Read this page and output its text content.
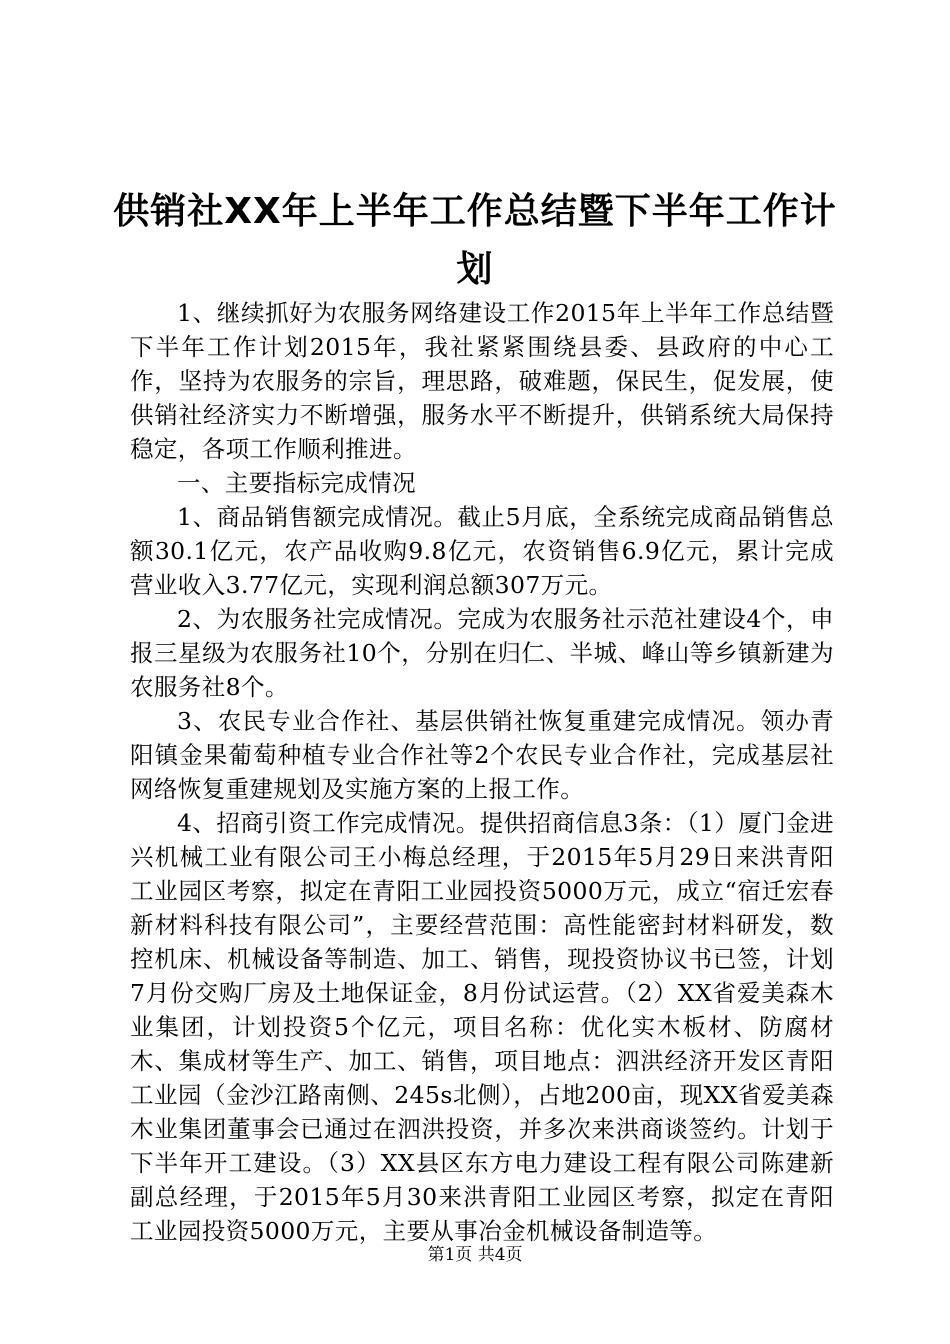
供销社XX年上半年工作总结暨下半年工作计
划

1、继续抓好为农服务网络建设工作2015年上半年工作总结暨下半年工作计划2015年，我社紧紧围绕县委、县政府的中心工作，坚持为农服务的宗旨，理思路，破难题，保民生，促发展，使供销社经济实力不断增强，服务水平不断提升，供销系统大局保持稳定，各项工作顺利推进。

一、主要指标完成情况

1、商品销售额完成情况。截止5月底，全系统完成商品销售总额30.1亿元，农产品收购9.8亿元，农资销售6.9亿元，累计完成营业收入3.77亿元，实现利润总额307万元。

2、为农服务社完成情况。完成为农服务社示范社建设4个，申报三星级为农服务社10个，分别在归仁、半城、峰山等乡镇新建为农服务社8个。

3、农民专业合作社、基层供销社恢复重建完成情况。领办青阳镇金果葡萄种植专业合作社等2个农民专业合作社，完成基层社网络恢复重建规划及实施方案的上报工作。

4、招商引资工作完成情况。提供招商信息3条：（1）厦门金进兴机械工业有限公司王小梅总经理，于2015年5月29日来洪青阳工业园区考察，拟定在青阳工业园投资5000万元，成立“宿迁宏春新材料科技有限公司”，主要经营范围：高性能密封材料研发，数控机床、机械设备等制造、加工、销售，现投资协议书已签，计划7月份交购厂房及土地保证金，8月份试运营。（2）XX省爱美森木业集团，计划投资5个亿元，项目名称：优化实木板材、防腐材木、集成材等生产、加工、销售，项目地点：泗洪经济开发区青阳工业园（金沙江路南侧、245s北侧），占地200亩，现XX省爱美森木业集团董事会已通过在泗洪投资，并多次来洪商谈签约。计划于下半年开工建设。（3）XX县区东方电力建设工程有限公司陈建新副总经理，于2015年5月30来洪青阳工业园区考察，拟定在青阳工业园投资5000万元，主要从事冶金机械设备制造等。

第1页 共4页
